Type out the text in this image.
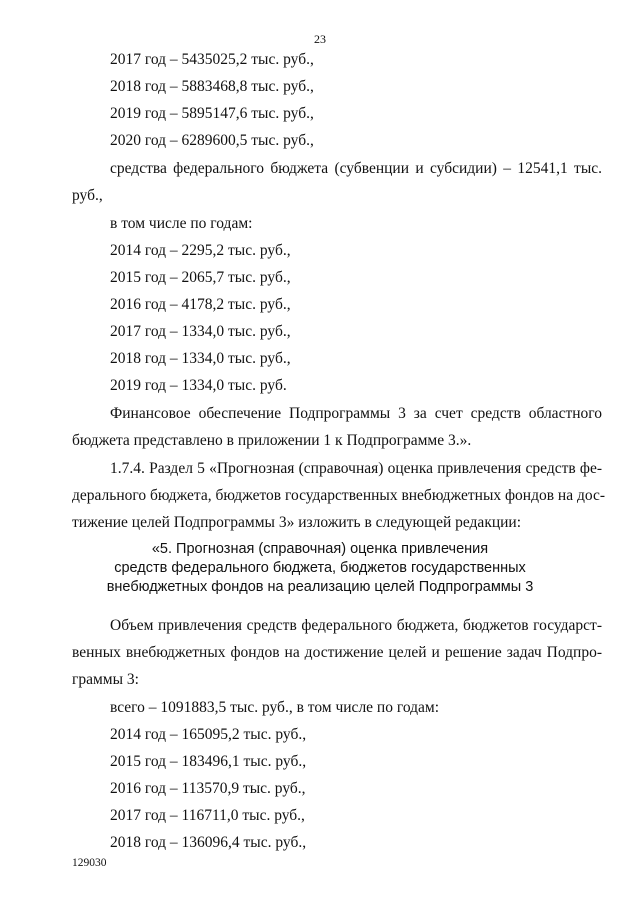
23
2017 год – 5435025,2 тыс. руб.,
2018 год – 5883468,8 тыс. руб.,
2019 год – 5895147,6 тыс. руб.,
2020 год – 6289600,5 тыс. руб.,
средства федерального бюджета (субвенции и субсидии) – 12541,1 тыс.
руб.,
в том числе по годам:
2014 год – 2295,2 тыс. руб.,
2015 год – 2065,7 тыс. руб.,
2016 год – 4178,2 тыс. руб.,
2017 год – 1334,0 тыс. руб.,
2018 год – 1334,0 тыс. руб.,
2019 год – 1334,0 тыс. руб.
Финансовое обеспечение Подпрограммы 3 за счет средств областного
бюджета представлено в приложении 1 к Подпрограмме 3.».
1.7.4. Раздел 5 «Прогнозная (справочная) оценка привлечения средств фе-
дерального бюджета, бюджетов государственных внебюджетных фондов на дос-
тижение целей Подпрограммы 3» изложить в следующей редакции:
«5. Прогнозная (справочная) оценка привлечения
средств федерального бюджета, бюджетов государственных
внебюджетных фондов на реализацию целей Подпрограммы 3
Объем привлечения средств федерального бюджета, бюджетов государст-
венных внебюджетных фондов на достижение целей и решение задач Подпро-
граммы 3:
всего – 1091883,5 тыс. руб., в том числе по годам:
2014 год – 165095,2 тыс. руб.,
2015 год – 183496,1 тыс. руб.,
2016 год – 113570,9 тыс. руб.,
2017 год – 116711,0 тыс. руб.,
2018 год – 136096,4 тыс. руб.,
129030
